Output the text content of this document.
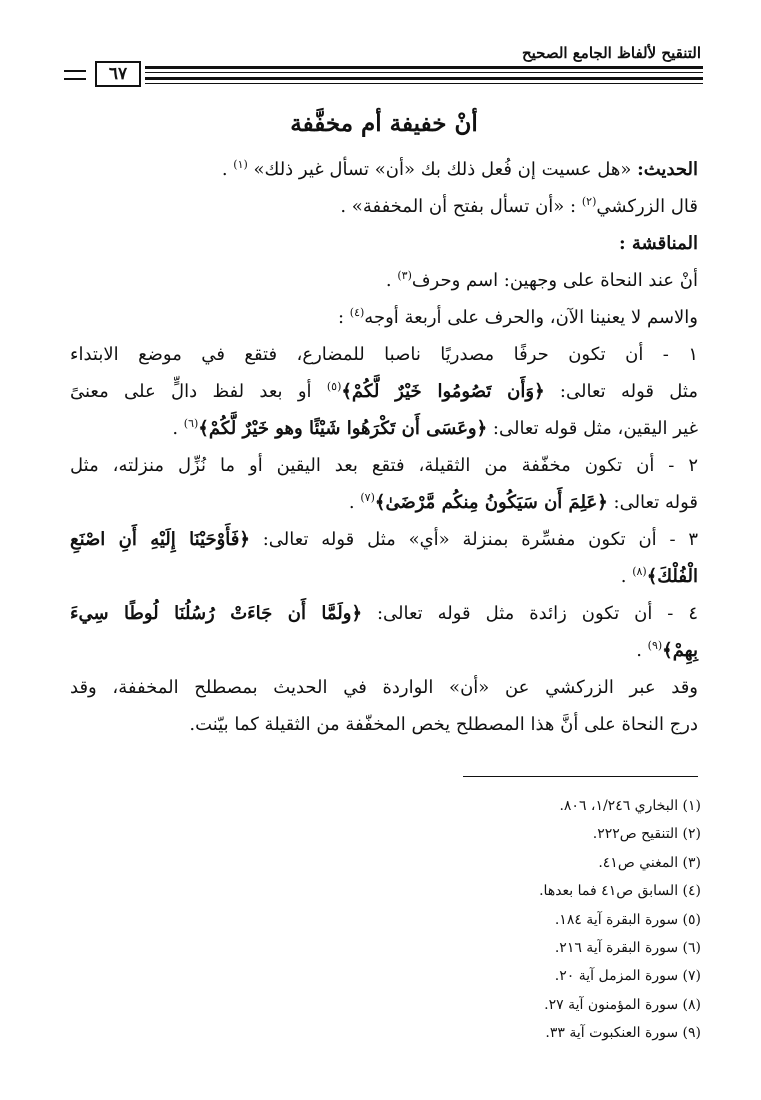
التنقيح لألفاظ الجامع الصحيح
٦٧
أنْ خفيفة أم مخفَّفة

الحديث: «هل عسيت إن فُعل ذلك بك «أن» تسأل غير ذلك» $^{(١)}$ .

قال الزركشي$^{(٢)}$ : «أن تسأل بفتح أن المخففة» .

المناقشة :

أنْ عند النحاة على وجهين: اسم وحرف$^{(٣)}$ .

والاسم لا يعنينا الآن، والحرف على أربعة أوجه$^{(٤)}$ :

١ - أن تكون حرفًا مصدريًا ناصبا للمضارع، فتقع في موضع الابتداء

مثل قوله تعالى: ﴿وَأَن تَصُومُوا خَيْرٌ لَّكُمْ﴾$^{(٥)}$ أو بعد لفظ دالٍّ على معنىً

غير اليقين، مثل قوله تعالى: ﴿وعَسَى أَن تَكْرَهُوا شَيْئًا وهو خَيْرٌ لَّكُمْ﴾$^{(٦)}$ .

٢ - أن تكون مخفّفة من الثقيلة، فتقع بعد اليقين أو ما نُزِّل منزلته، مثل

قوله تعالى: ﴿عَلِمَ أَن سَيَكُونُ مِنكُم مَّرْضَىٰ﴾$^{(٧)}$ .

٣ - أن تكون مفسِّرة بمنزلة «أي» مثل قوله تعالى: ﴿فَأَوْحَيْنَا إِلَيْهِ أَنِ اصْنَعِ

الْفُلْكَ﴾$^{(٨)}$ .

٤ - أن تكون زائدة مثل قوله تعالى: ﴿ولَمَّا أَن جَاءَتْ رُسُلُنَا لُوطًا سِيءَ

بِهِمْ﴾$^{(٩)}$ .

وقد عبر الزركشي عن «أن» الواردة في الحديث بمصطلح المخففة، وقد

درج النحاة على أنَّ هذا المصطلح يخص المخفّفة من الثقيلة كما بيّنت.

(١) البخاري ١/٢٤٦، ٨٠٦.

(٢) التنقيح ص٢٢٢.

(٣) المغني ص٤١.

(٤) السابق ص٤١ فما بعدها.

(٥) سورة البقرة آية ١٨٤.

(٦) سورة البقرة آية ٢١٦.

(٧) سورة المزمل آية ٢٠.

(٨) سورة المؤمنون آية ٢٧.

(٩) سورة العنكبوت آية ٣٣.
